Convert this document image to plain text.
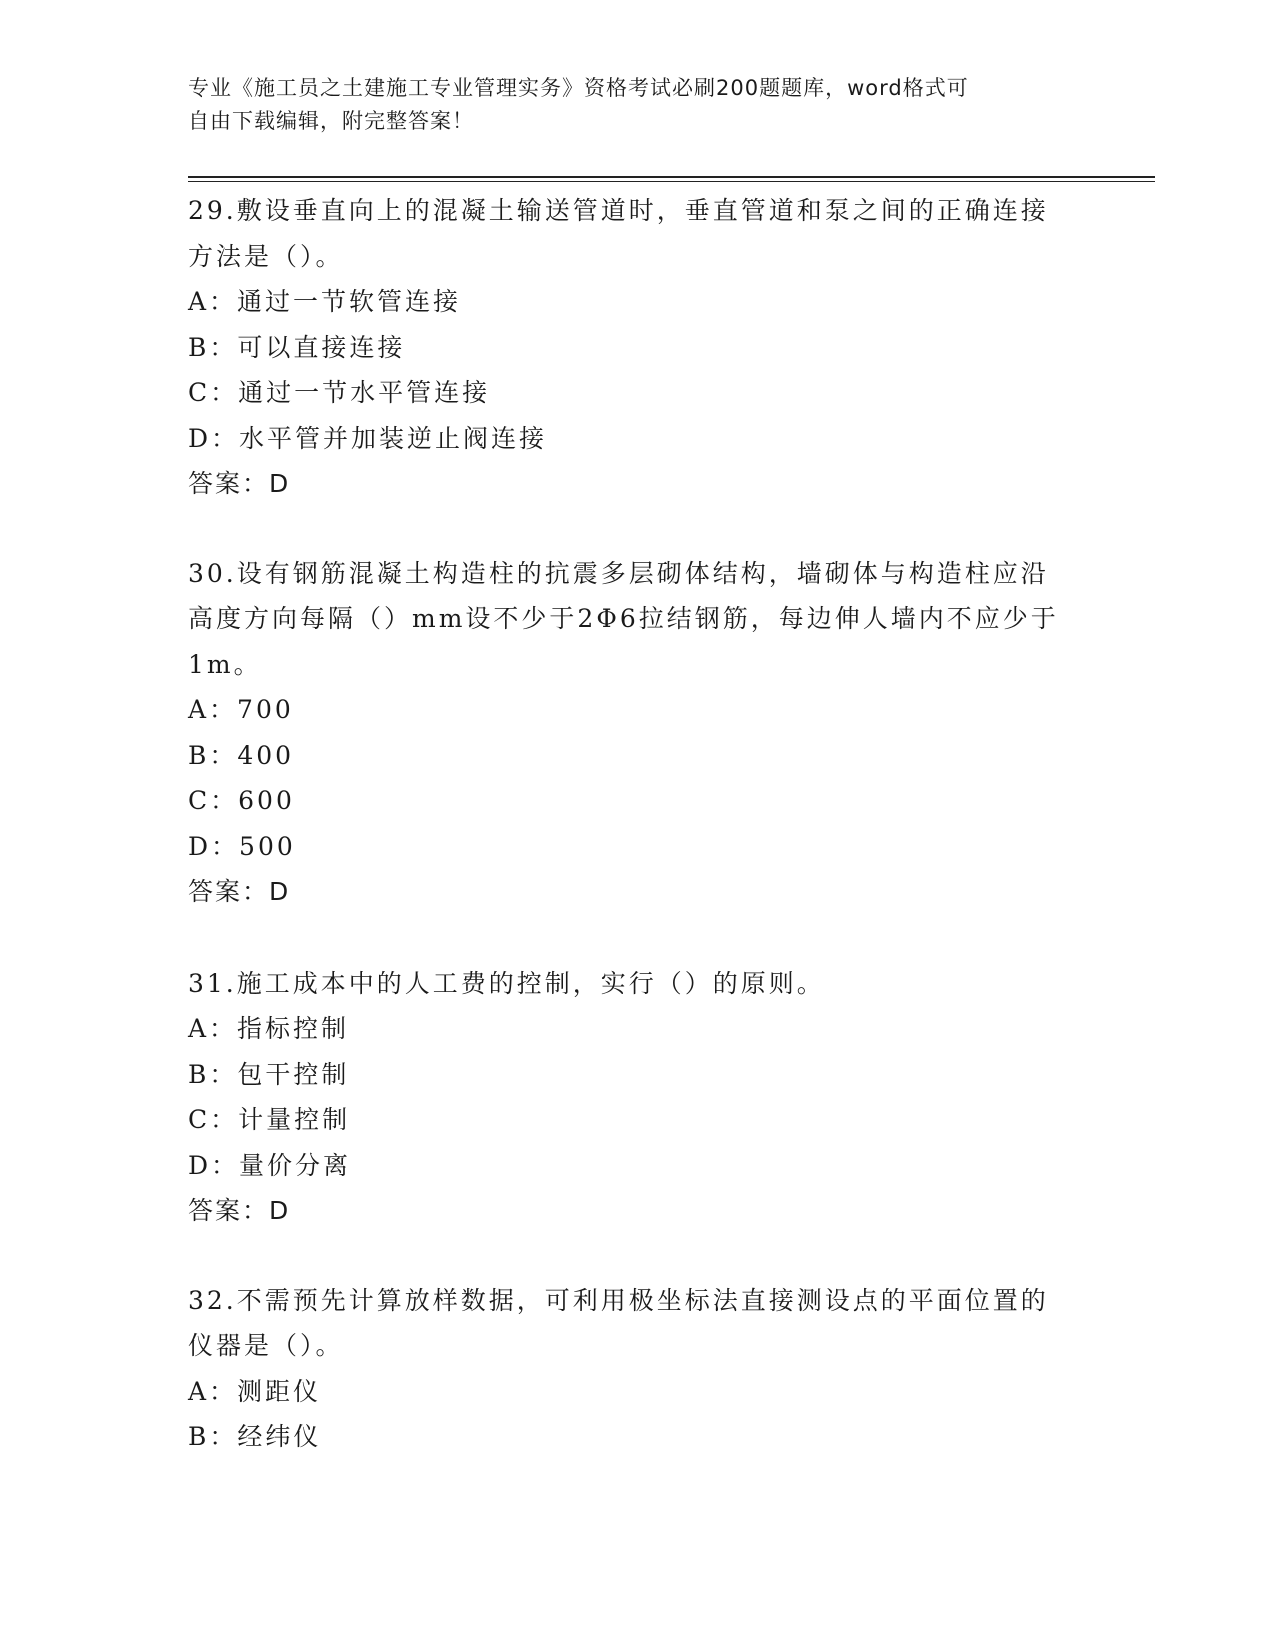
专业《施工员之土建施工专业管理实务》资格考试必刷200题题库，word格式可
自由下载编辑，附完整答案！

29.敷设垂直向上的混凝土输送管道时，垂直管道和泵之间的正确连接

方法是（）。

A：通过一节软管连接

B：可以直接连接

C：通过一节水平管连接

D：水平管并加装逆止阀连接

答案：D

30.设有钢筋混凝土构造柱的抗震多层砌体结构，墙砌体与构造柱应沿

高度方向每隔（）mm设不少于2Φ6拉结钢筋，每边伸人墙内不应少于

1m。

A：700

B：400

C：600

D：500

答案：D

31.施工成本中的人工费的控制，实行（）的原则。

A：指标控制

B：包干控制

C：计量控制

D：量价分离

答案：D

32.不需预先计算放样数据，可利用极坐标法直接测设点的平面位置的

仪器是（）。

A：测距仪

B：经纬仪
